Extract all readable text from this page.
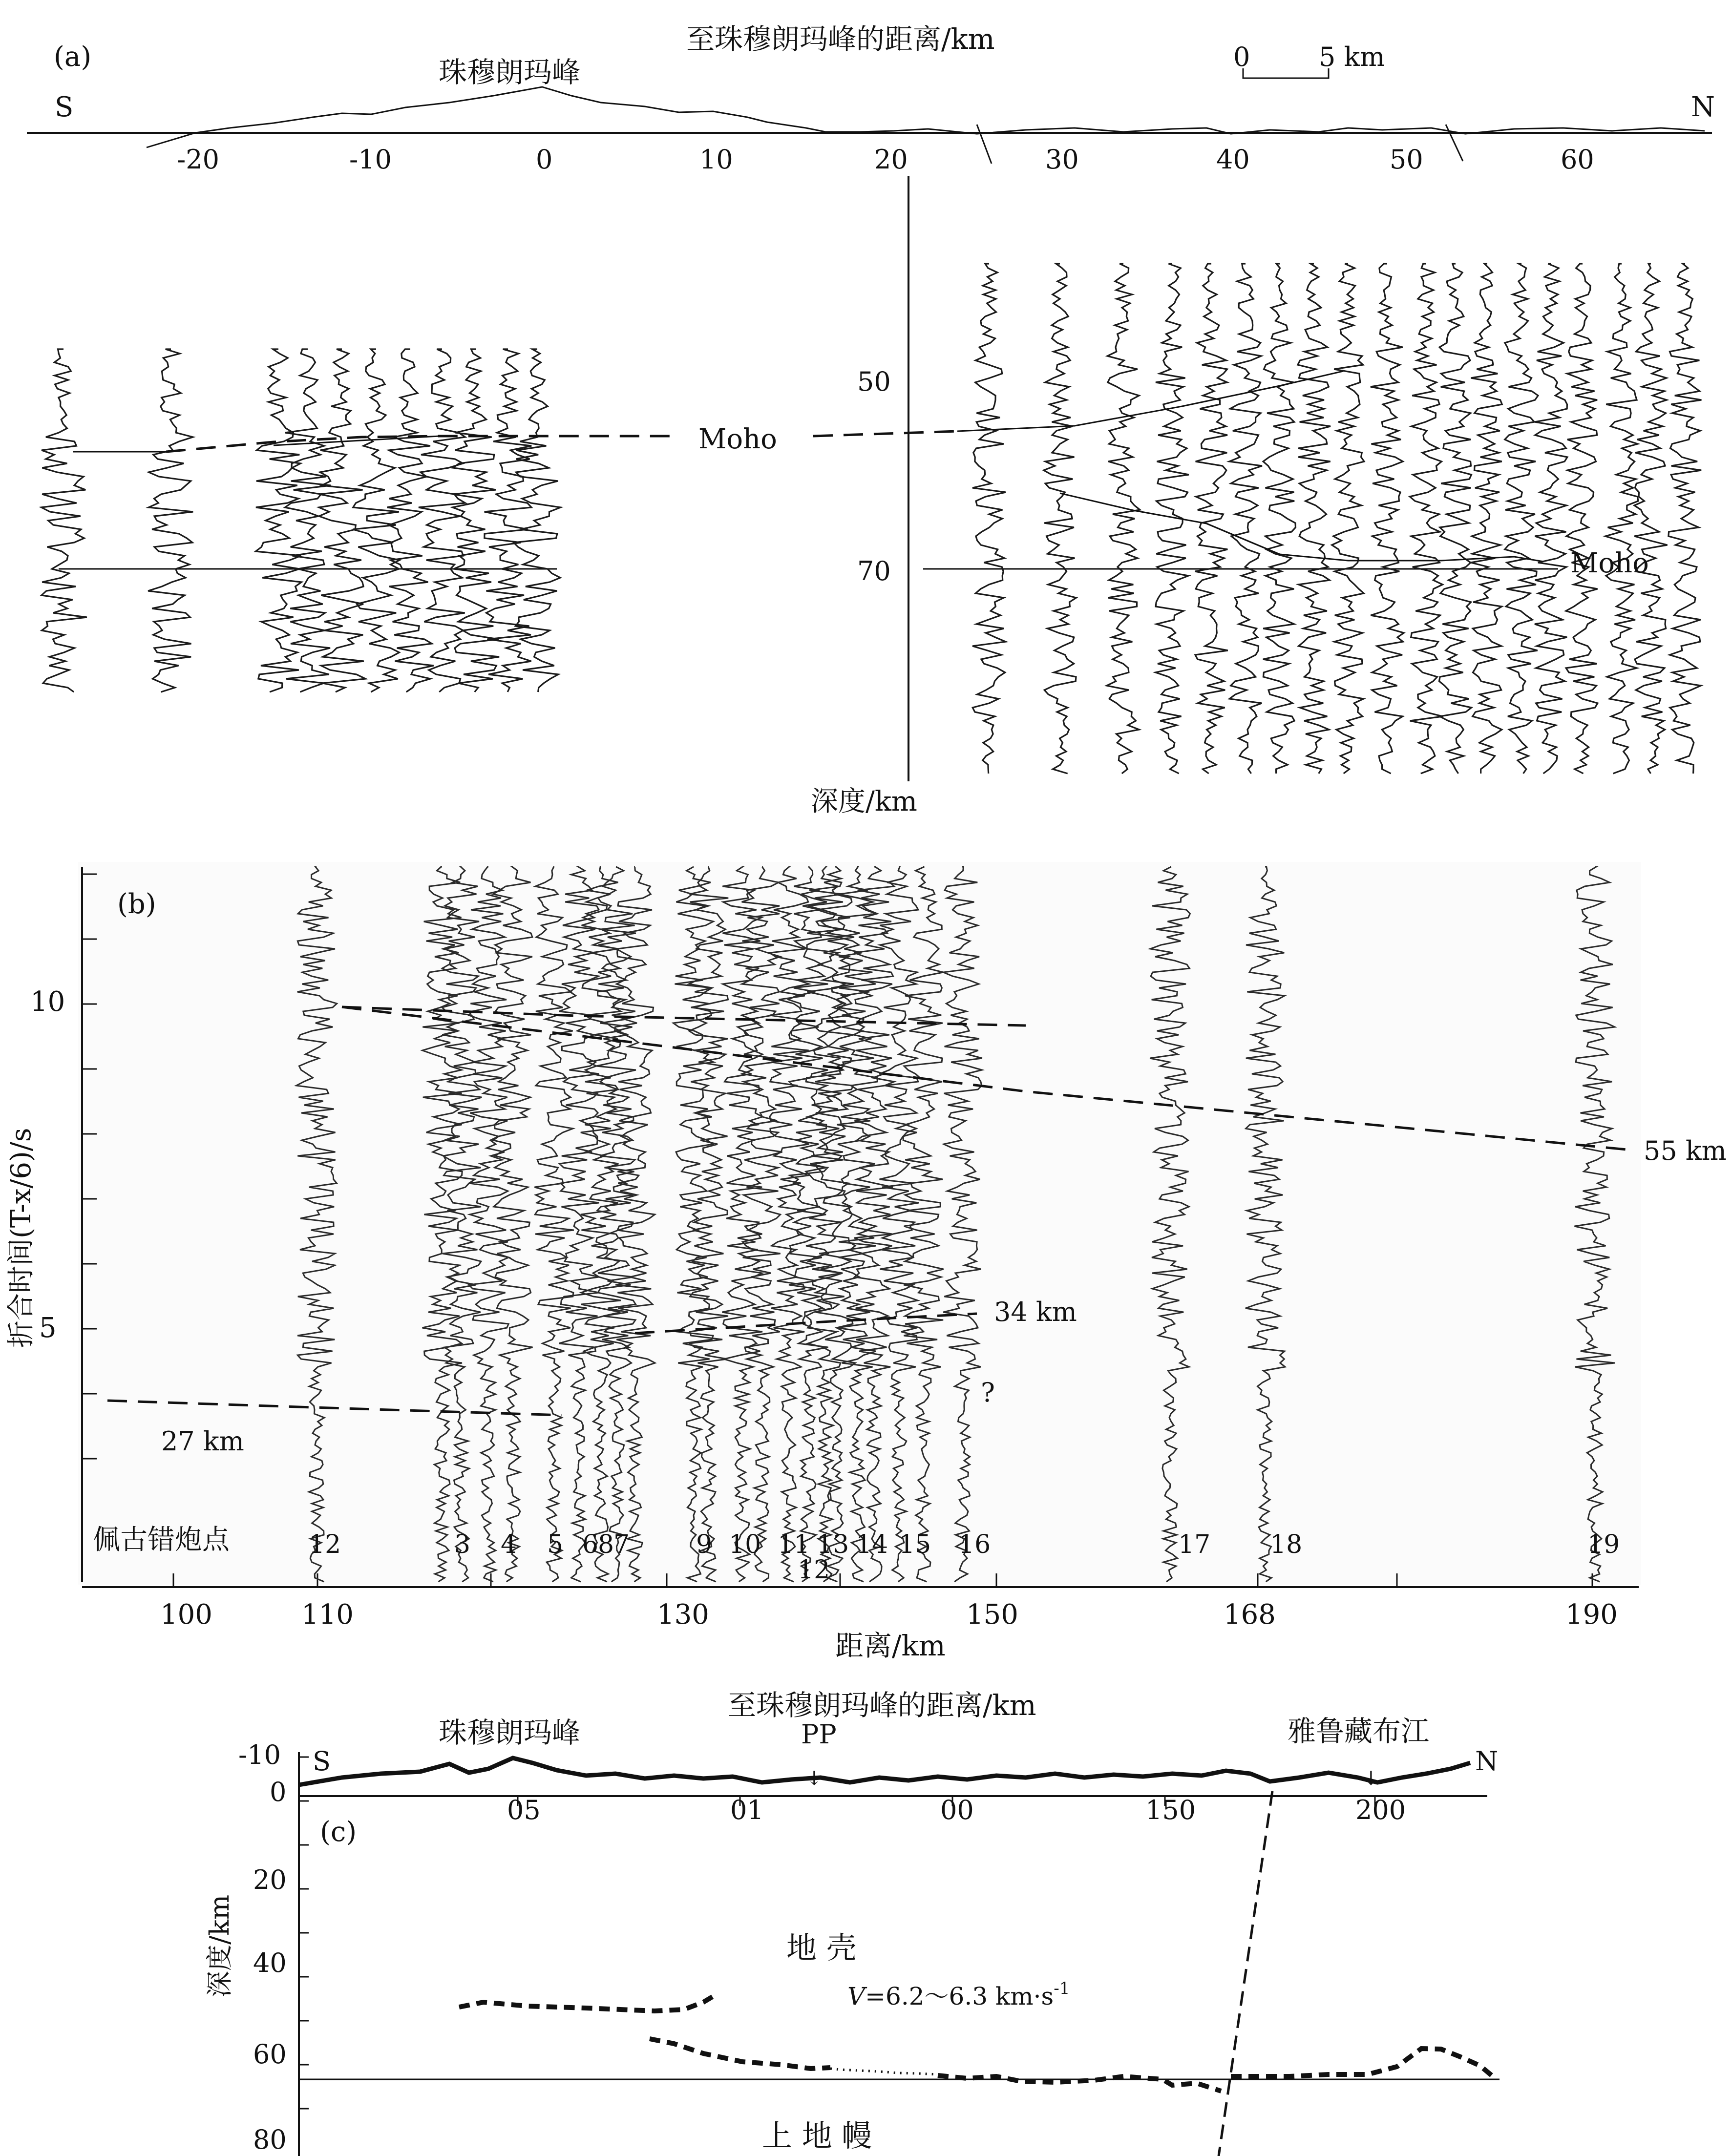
(a)
至珠穆朗玛峰的距离/km
珠穆朗玛峰	0	5 km
S	N
-20	-10	0	10	20	30	40	50	60
50
70
深度/km
Moho
Moho
(b)
10
5
折合时间(T-x/6)/s
100	110	130	150	168	190
距离/km
55 km
34 km
27 km
?
佩古错炮点	12	3 4 5 6
8
7	9 10 11
12
13 14 15 16	17 18	19
至珠穆朗玛峰的距离/km
珠穆朗玛峰	PP	雅鲁藏布江
S	N
(c)
-10
0
20
40
60
80
深度/km
05	01	00	150	200
↓	↓
地 壳
V=6.2～6.3 $km\cdot s^{-1}$
上 地 幔
